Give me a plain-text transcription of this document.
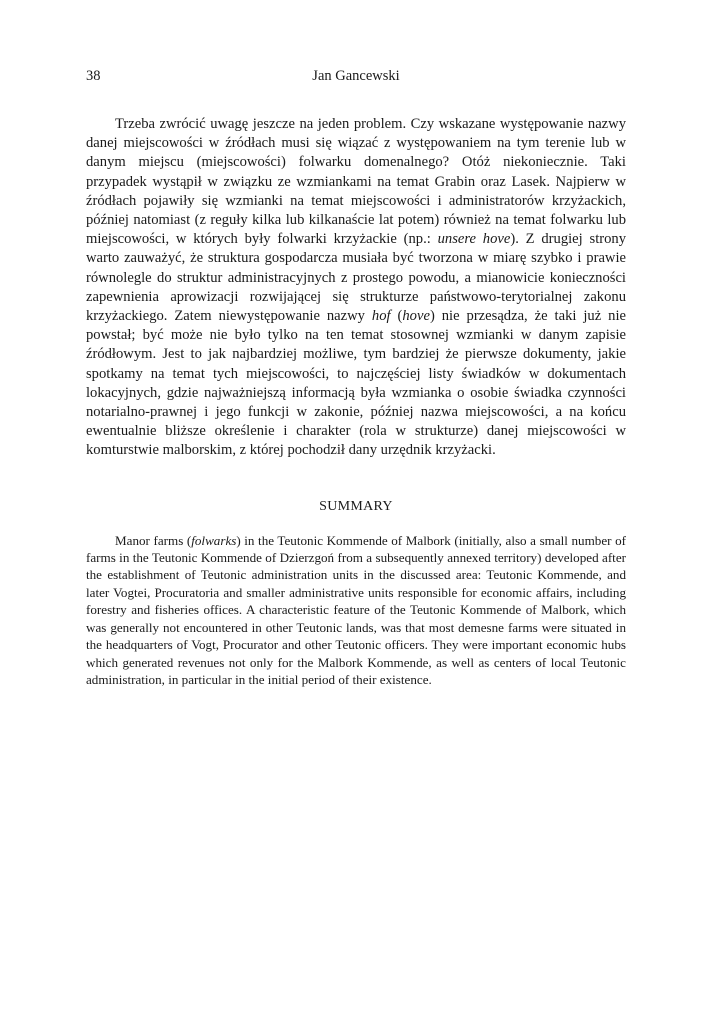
38	Jan Gancewski

Trzeba zwrócić uwagę jeszcze na jeden problem. Czy wskazane występowanie nazwy danej miejscowości w źródłach musi się wiązać z występowaniem na tym terenie lub w danym miejscu (miejscowości) folwarku domenalnego? Otóż niekoniecznie. Taki przypadek wystąpił w związku ze wzmiankami na temat Grabin oraz Lasek. Najpierw w źródłach pojawiły się wzmianki na temat miejscowości i administratorów krzyżackich, później natomiast (z reguły kilka lub kilkanaście lat potem) również na temat folwarku lub miejscowości, w których były folwarki krzyżackie (np.: unsere hove). Z drugiej strony warto zauważyć, że struktura gospodarcza musiała być tworzona w miarę szybko i prawie równolegle do struktur administracyjnych z prostego powodu, a mianowicie konieczności zapewnienia aprowizacji rozwijającej się strukturze państwowo-terytorialnej zakonu krzyżackiego. Zatem niewystępowanie nazwy hof (hove) nie przesądza, że taki już nie powstał; być może nie było tylko na ten temat stosownej wzmianki w danym zapisie źródłowym. Jest to jak najbardziej możliwe, tym bardziej że pierwsze dokumenty, jakie spotkamy na temat tych miejscowości, to najczęściej listy świadków w dokumentach lokacyjnych, gdzie najważniejszą informacją była wzmianka o osobie świadka czynności notarialno-prawnej i jego funkcji w zakonie, później nazwa miejscowości, a na końcu ewentualnie bliższe określenie i charakter (rola w strukturze) danej miejscowości w komturstwie malborskim, z której pochodził dany urzędnik krzyżacki.

SUMMARY

Manor farms (folwarks) in the Teutonic Kommende of Malbork (initially, also a small number of farms in the Teutonic Kommende of Dzierzgoń from a subsequently annexed territory) developed after the establishment of Teutonic administration units in the discussed area: Teutonic Kommende, and later Vogtei, Procuratoria and smaller administrative units responsible for economic affairs, including forestry and fisheries offices. A characteristic feature of the Teutonic Kommende of Malbork, which was generally not encountered in other Teutonic lands, was that most demesne farms were situated in the headquarters of Vogt, Procurator and other Teutonic officers. They were important economic hubs which generated revenues not only for the Malbork Kommende, as well as centers of local Teutonic administration, in particular in the initial period of their existence.
